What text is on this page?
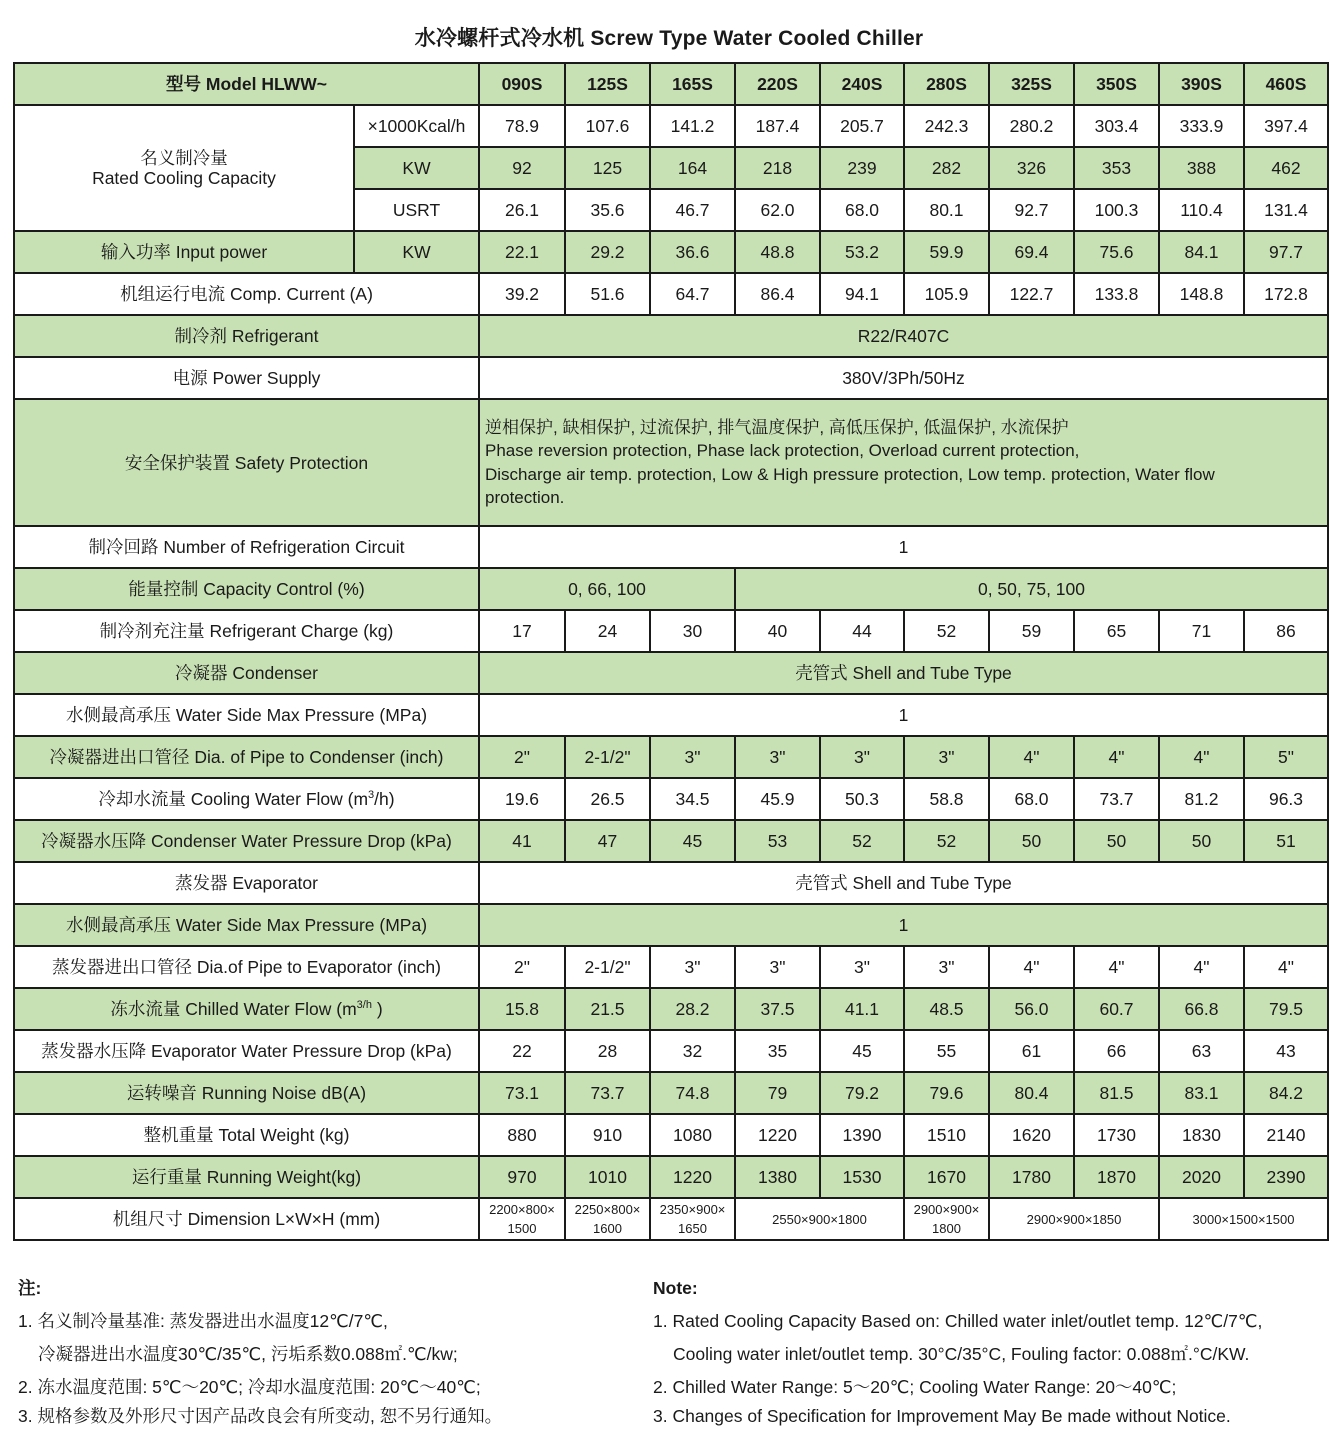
水冷螺杆式冷水机 Screw Type Water Cooled Chiller
型号 Model HLWW~		090S	125S	165S	220S	240S	280S	325S	350S	390S	460S
名义制冷量
Rated Cooling Capacity	×1000Kcal/h	78.9	107.6	141.2	187.4	205.7	242.3	280.2	303.4	333.9	397.4
	KW	92	125	164	218	239	282	326	353	388	462
	USRT	26.1	35.6	46.7	62.0	68.0	80.1	92.7	100.3	110.4	131.4
输入功率 Input power	KW	22.1	29.2	36.6	48.8	53.2	59.9	69.4	75.6	84.1	97.7
机组运行电流 Comp. Current (A)		39.2	51.6	64.7	86.4	94.1	105.9	122.7	133.8	148.8	172.8
制冷剂 Refrigerant		R22/R407C									
电源 Power Supply		380V/3Ph/50Hz									
安全保护装置 Safety Protection		逆相保护, 缺相保护, 过流保护, 排气温度保护, 高低压保护, 低温保护, 水流保护
Phase reversion protection, Phase lack protection, Overload current protection,
Discharge air temp. protection, Low & High pressure protection, Low temp. protection, Water flow
protection.									
制冷回路 Number of Refrigeration Circuit		1									
能量控制 Capacity Control (%)		0, 66, 100			0, 50, 75, 100						
制冷剂充注量 Refrigerant Charge (kg)		17	24	30	40	44	52	59	65	71	86
冷凝器 Condenser		壳管式 Shell and Tube Type									
水侧最高承压 Water Side Max Pressure (MPa)		1									
冷凝器进出口管径 Dia. of Pipe to Condenser (inch)		2"	2-1/2"	3"	3"	3"	3"	4"	4"	4"	5"
冷却水流量 Cooling Water Flow $(m^3/h)$		19.6	26.5	34.5	45.9	50.3	58.8	68.0	73.7	81.2	96.3
冷凝器水压降 Condenser Water Pressure Drop (kPa)		41	47	45	53	52	52	50	50	50	51
蒸发器 Evaporator		壳管式 Shell and Tube Type									
水侧最高承压 Water Side Max Pressure (MPa)		1									
蒸发器进出口管径 Dia.of Pipe to Evaporator (inch)		2"	2-1/2"	3"	3"	3"	3"	4"	4"	4"	4"
冻水流量 Chilled Water Flow ($m^{3/h}$ )		15.8	21.5	28.2	37.5	41.1	48.5	56.0	60.7	66.8	79.5
蒸发器水压降 Evaporator Water Pressure Drop (kPa)		22	28	32	35	45	55	61	66	63	43
运转噪音 Running Noise dB(A)		73.1	73.7	74.8	79	79.2	79.6	80.4	81.5	83.1	84.2
整机重量 Total Weight (kg)		880	910	1080	1220	1390	1510	1620	1730	1830	2140
运行重量 Running Weight(kg)		970	1010	1220	1380	1530	1670	1780	1870	2020	2390
机组尺寸 Dimension L×W×H (mm)		2200×800×
1500	2250×800×
1600	2350×900×
1650	2550×900×1800		2900×900×
1800	2900×900×1850		3000×1500×1500	
注:
1. 名义制冷量基准: 蒸发器进出水温度12℃/7℃,
冷凝器进出水温度30℃/35℃, 污垢系数0.088㎡.℃/kw;
2. 冻水温度范围: 5℃～20℃; 冷却水温度范围: 20℃～40℃;
3. 规格参数及外形尺寸因产品改良会有所变动, 恕不另行通知。
Note:
1. Rated Cooling Capacity Based on: Chilled water inlet/outlet temp. 12℃/7℃,
Cooling water inlet/outlet temp. 30°C/35°C, Fouling factor: 0.088㎡.°C/KW.
2. Chilled Water Range: 5～20℃; Cooling Water Range: 20～40℃;
3. Changes of Specification for Improvement May Be made without Notice.
